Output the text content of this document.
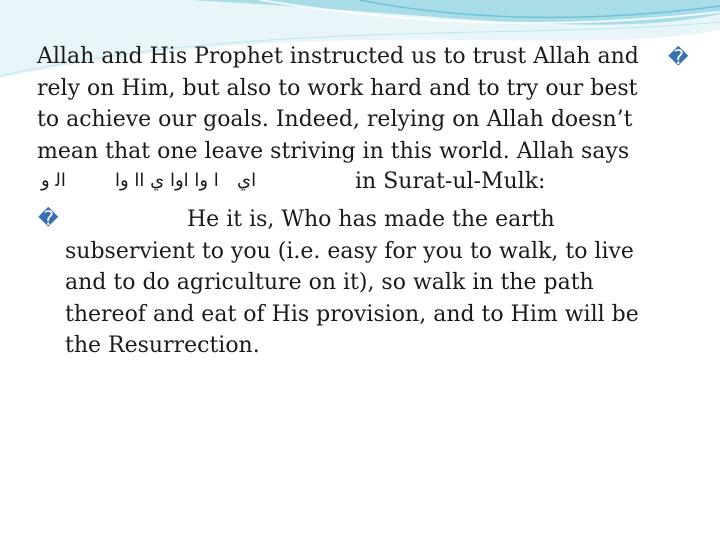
�

Allah and His Prophet instructed us to trust Allah and
rely on Him, but also to work hard and to try our best
to achieve our goals. Indeed, relying on Allah doesn’t
mean that one leave striving in this world. Allah says

ﺍﻟ ﻭ	ﺍ ﻭﺍ ﺍﻭﺍ ﻱ ﺍﺍ ﻭﺍ ﺍﻱ	in Surat-ul-Mulk:
�	He it is, Who has made the earth
subservient to you (i.e. easy for you to walk, to live
and to do agriculture on it), so walk in the path
thereof and eat of His provision, and to Him will be
the Resurrection.
